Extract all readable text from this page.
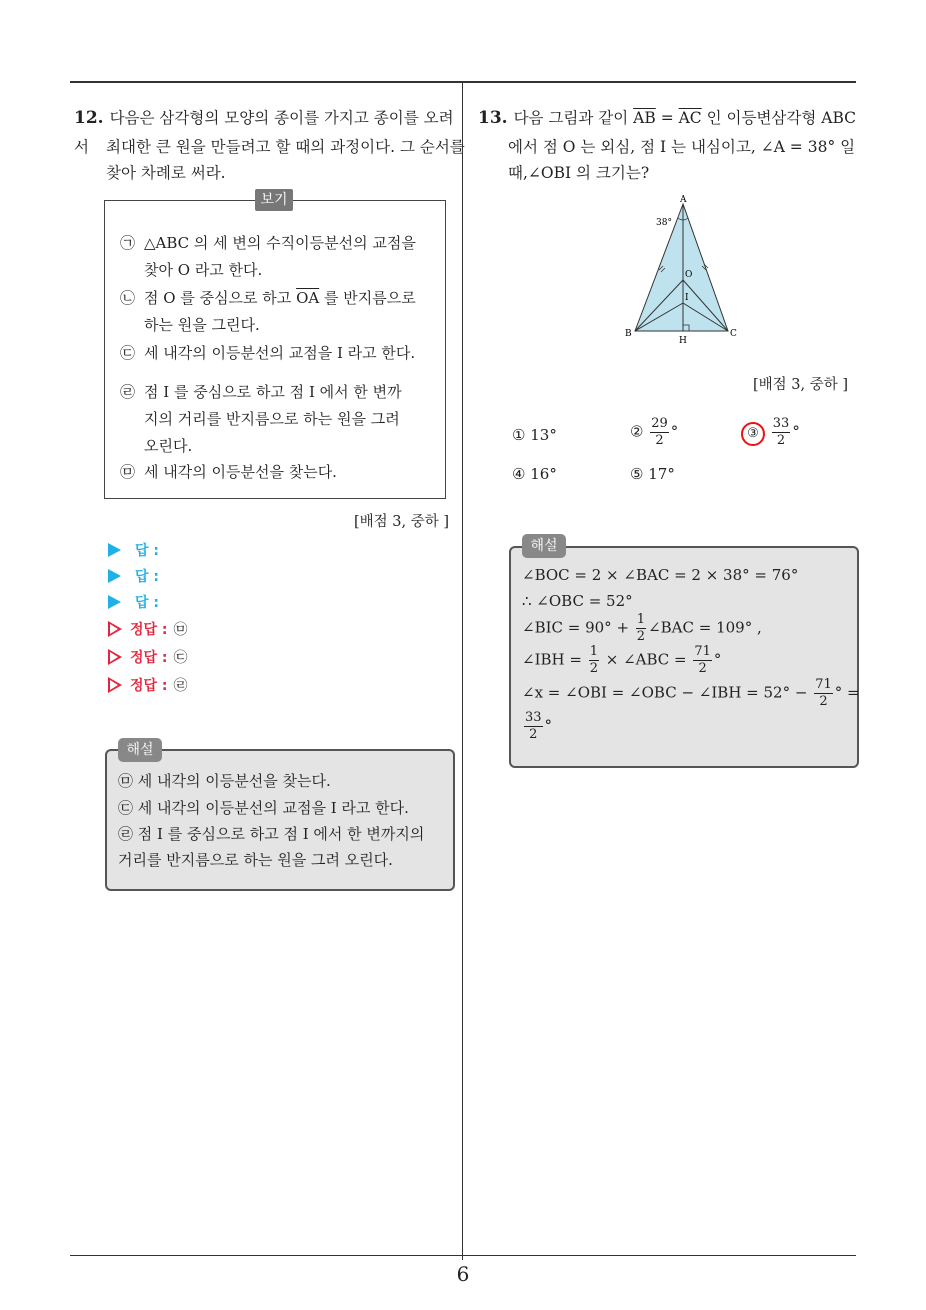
6
12. 다음은 삼각형의 모양의 종이를 가지고 종이를 오려서	최대한 큰 원을 만들려고 할 때의 과정이다. 그 순서를
찾아 차례로 써라.
보기
㉠ △ABC 의 세 변의 수직이등분선의 교점을
찾아 O 라고 한다.
㉡ 점 O 를 중심으로 하고 $\overline{OA}$ 를 반지름으로
하는 원을 그린다.
㉢ 세 내각의 이등분선의 교점을 I 라고 한다.
㉣ 점 I 를 중심으로 하고 점 I 에서 한 변까
지의 거리를 반지름으로 하는 원을 그려
오린다.
㉤ 세 내각의 이등분선을 찾는다.
[배점 3, 중하 ]
답 :
답 :
답 :
정답 : ㉤
정답 : ㉢
정답 : ㉣
해설
㉤ 세 내각의 이등분선을 찾는다.
㉢ 세 내각의 이등분선의 교점을 I 라고 한다.
㉣ 점 I 를 중심으로 하고 점 I 에서 한 변까지의
거리를 반지름으로 하는 원을 그려 오린다.
13. 다음 그림과 같이 $\overline{AB} = \overline{AC}$ 인 이등변삼각형 ABC
에서 점 O 는 외심, 점 I 는 내심이고, ∠A = 38° 일
때,∠OBI 의 크기는?
A
B	C
O
I
H
38°
[배점 3, 중하 ]
① 13°	② $\frac{29}{2}$ °	③ $\frac{33}{2}$ °
④ 16°	⑤ 17°
해설
∠BOC = 2 × ∠BAC = 2 × 38° = 76°
∴ ∠OBC = 52°
∠BIC = $90^\circ + \frac{1}{2}$ ∠BAC = 109° ,
∠IBH = $\frac{1}{2}$ × ∠ABC = $\frac{71}{2}$ °
∠x = ∠OBI = ∠OBC − ∠IBH = $52^\circ - \frac{71}{2}$ ° =
$\frac{33}{2}$ °
